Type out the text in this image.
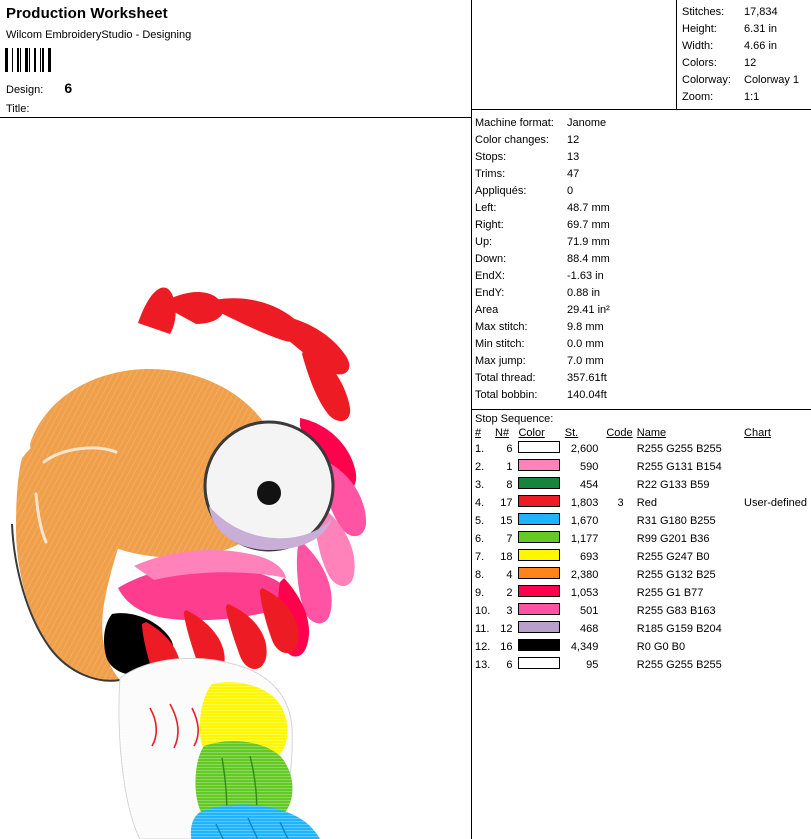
Production Worksheet
Wilcom EmbroideryStudio - Designing
Design: 6
Title:
Stitches:	17,834
Height:	6.31 in
Width:	4.66 in
Colors:	12
Colorway:	Colorway 1
Zoom:	1:1
Machine format:	Janome
Color changes:	12
Stops:	13
Trims:	47
Appliqués:	0
Left:	48.7 mm
Right:	69.7 mm
Up:	71.9 mm
Down:	88.4 mm
EndX:	-1.63 in
EndY:	0.88 in
Area	29.41 in²
Max stitch:	9.8 mm
Min stitch:	0.0 mm
Max jump:	7.0 mm
Total thread:	357.61ft
Total bobbin:	140.04ft
Stop Sequence:
#	N#	Color	St.	Code	Name	Chart
1.	6		2,600		R255 G255 B255	
2.	1		590		R255 G131 B154	
3.	8		454		R22 G133 B59	
4.	17		1,803	3	Red	User-defined
5.	15		1,670		R31 G180 B255	
6.	7		1,177		R99 G201 B36	
7.	18		693		R255 G247 B0	
8.	4		2,380		R255 G132 B25	
9.	2		1,053		R255 G1 B77	
10.	3		501		R255 G83 B163	
11.	12		468		R185 G159 B204	
12.	16		4,349		R0 G0 B0	
13.	6		95		R255 G255 B255	
